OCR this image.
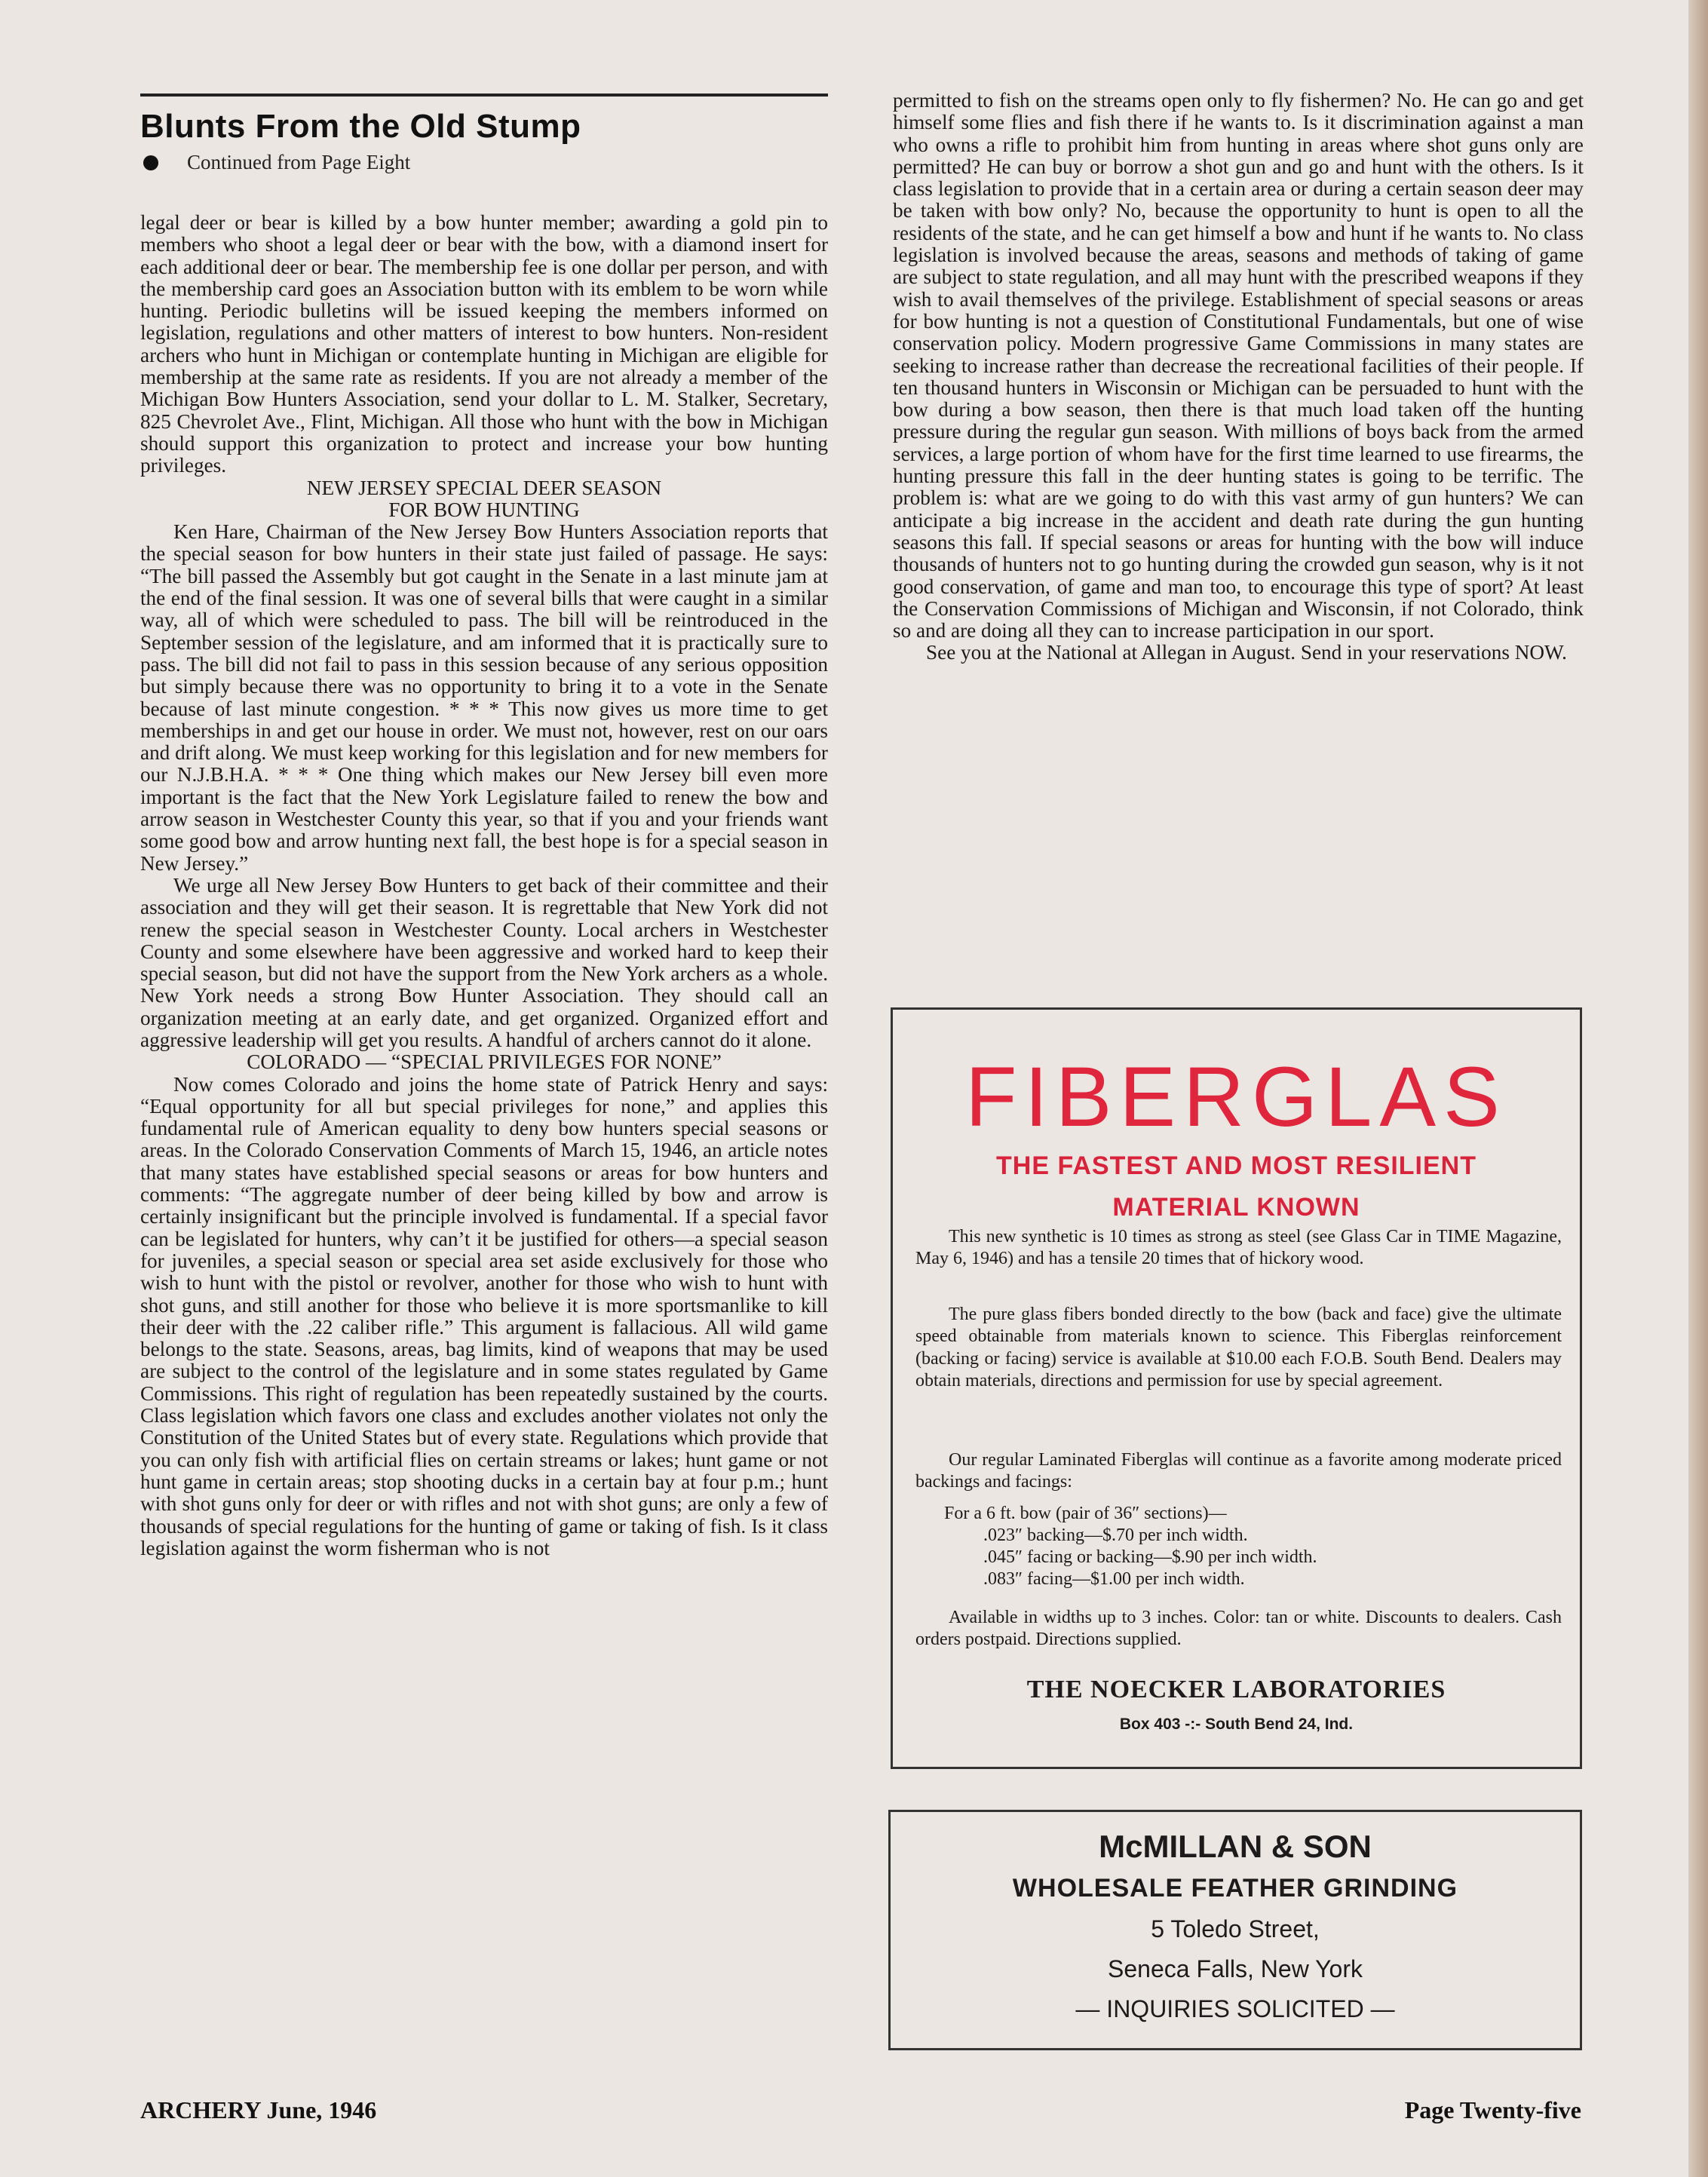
Blunts From the Old Stump
Continued from Page Eight

legal deer or bear is killed by a bow hunter member; awarding a gold pin to members who shoot a legal deer or bear with the bow, with a diamond insert for each additional deer or bear. The membership fee is one dollar per person, and with the membership card goes an Association button with its emblem to be worn while hunting. Periodic bulletins will be issued keeping the members informed on legislation, regulations and other matters of interest to bow hunters. Non-resident archers who hunt in Michigan or contemplate hunting in Michigan are eligible for membership at the same rate as residents. If you are not already a member of the Michigan Bow Hunters Association, send your dollar to L. M. Stalker, Secretary, 825 Chevrolet Ave., Flint, Michigan. All those who hunt with the bow in Michigan should support this organization to protect and increase your bow hunting privileges.

NEW JERSEY SPECIAL DEER SEASON

FOR BOW HUNTING

Ken Hare, Chairman of the New Jersey Bow Hunters Association reports that the special season for bow hunters in their state just failed of passage. He says: “The bill passed the Assembly but got caught in the Senate in a last minute jam at the end of the final session. It was one of several bills that were caught in a similar way, all of which were scheduled to pass. The bill will be reintroduced in the September session of the legislature, and am informed that it is practically sure to pass. The bill did not fail to pass in this session because of any serious opposition but simply because there was no opportunity to bring it to a vote in the Senate because of last minute congestion. * * * This now gives us more time to get memberships in and get our house in order. We must not, however, rest on our oars and drift along. We must keep working for this legislation and for new members for our N.J.B.H.A. * * * One thing which makes our New Jersey bill even more important is the fact that the New York Legislature failed to renew the bow and arrow season in Westchester County this year, so that if you and your friends want some good bow and arrow hunting next fall, the best hope is for a special season in New Jersey.”

We urge all New Jersey Bow Hunters to get back of their committee and their association and they will get their season. It is regrettable that New York did not renew the special season in Westchester County. Local archers in Westchester County and some elsewhere have been aggressive and worked hard to keep their special season, but did not have the support from the New York archers as a whole. New York needs a strong Bow Hunter Association. They should call an organization meeting at an early date, and get organized. Organized effort and aggressive leadership will get you results. A handful of archers cannot do it alone.

COLORADO — “SPECIAL PRIVILEGES FOR NONE”

Now comes Colorado and joins the home state of Patrick Henry and says: “Equal opportunity for all but special privileges for none,” and applies this fundamental rule of American equality to deny bow hunters special seasons or areas. In the Colorado Conservation Comments of March 15, 1946, an article notes that many states have established special seasons or areas for bow hunters and comments: “The aggregate number of deer being killed by bow and arrow is certainly insignificant but the principle involved is fundamental. If a special favor can be legislated for hunters, why can’t it be justified for others—a special season for juveniles, a special season or special area set aside exclusively for those who wish to hunt with the pistol or revolver, another for those who wish to hunt with shot guns, and still another for those who believe it is more sportsmanlike to kill their deer with the .22 caliber rifle.” This argument is fallacious. All wild game belongs to the state. Seasons, areas, bag limits, kind of weapons that may be used are subject to the control of the legislature and in some states regulated by Game Commissions. This right of regulation has been repeatedly sustained by the courts. Class legislation which favors one class and excludes another violates not only the Constitution of the United States but of every state. Regulations which provide that you can only fish with artificial flies on certain streams or lakes; hunt game or not hunt game in certain areas; stop shooting ducks in a certain bay at four p.m.; hunt with shot guns only for deer or with rifles and not with shot guns; are only a few of thousands of special regulations for the hunting of game or taking of fish. Is it class legislation against the worm fisherman who is not

permitted to fish on the streams open only to fly fishermen? No. He can go and get himself some flies and fish there if he wants to. Is it discrimination against a man who owns a rifle to prohibit him from hunting in areas where shot guns only are permitted? He can buy or borrow a shot gun and go and hunt with the others. Is it class legislation to provide that in a certain area or during a certain season deer may be taken with bow only? No, because the opportunity to hunt is open to all the residents of the state, and he can get himself a bow and hunt if he wants to. No class legislation is involved because the areas, seasons and methods of taking of game are subject to state regulation, and all may hunt with the prescribed weapons if they wish to avail themselves of the privilege. Establishment of special seasons or areas for bow hunting is not a question of Constitutional Fundamentals, but one of wise conservation policy. Modern progressive Game Commissions in many states are seeking to increase rather than decrease the recreational facilities of their people. If ten thousand hunters in Wisconsin or Michigan can be persuaded to hunt with the bow during a bow season, then there is that much load taken off the hunting pressure during the regular gun season. With millions of boys back from the armed services, a large portion of whom have for the first time learned to use firearms, the hunting pressure this fall in the deer hunting states is going to be terrific. The problem is: what are we going to do with this vast army of gun hunters? We can anticipate a big increase in the accident and death rate during the gun hunting seasons this fall. If special seasons or areas for hunting with the bow will induce thousands of hunters not to go hunting during the crowded gun season, why is it not good conservation, of game and man too, to encourage this type of sport? At least the Conservation Commissions of Michigan and Wisconsin, if not Colorado, think so and are doing all they can to increase participation in our sport.

See you at the National at Allegan in August. Send in your reservations NOW.

FIBERGLAS
THE FASTEST AND MOST RESILIENT
MATERIAL KNOWN

This new synthetic is 10 times as strong as steel (see Glass Car in TIME Magazine, May 6, 1946) and has a tensile 20 times that of hickory wood.

The pure glass fibers bonded directly to the bow (back and face) give the ultimate speed obtainable from materials known to science. This Fiberglas reinforcement (backing or facing) service is available at $10.00 each F.O.B. South Bend. Dealers may obtain materials, directions and permission for use by special agreement.

Our regular Laminated Fiberglas will continue as a favorite among moderate priced backings and facings:

For a 6 ft. bow (pair of 36″ sections)—
.023″ backing—$.70 per inch width.
.045″ facing or backing—$.90 per inch width.
.083″ facing—$1.00 per inch width.

Available in widths up to 3 inches. Color: tan or white. Discounts to dealers. Cash orders postpaid. Directions supplied.

THE NOECKER LABORATORIES
Box 403 -:- South Bend 24, Ind.
McMILLAN & SON
WHOLESALE FEATHER GRINDING
5 Toledo Street,
Seneca Falls, New York
— INQUIRIES SOLICITED —
ARCHERY June, 1946	Page Twenty-five
